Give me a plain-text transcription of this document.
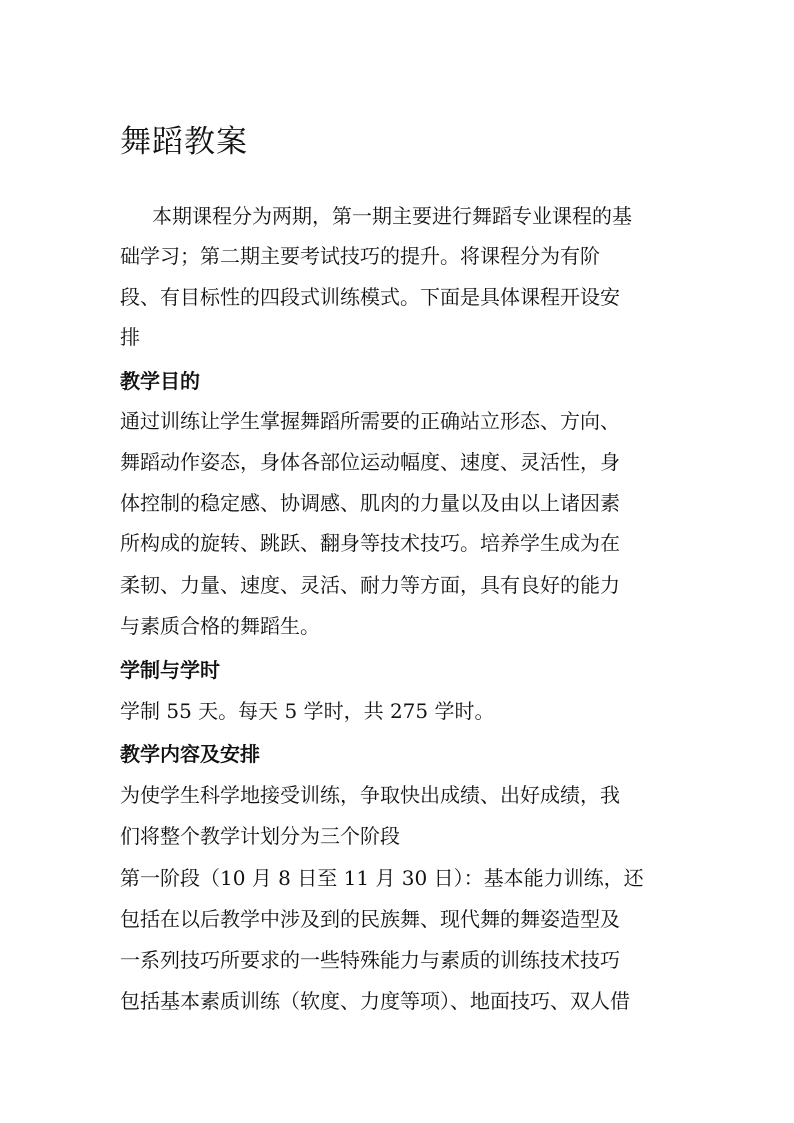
舞蹈教案
本期课程分为两期，第一期主要进行舞蹈专业课程的基
础学习；第二期主要考试技巧的提升。将课程分为有阶
段、有目标性的四段式训练模式。下面是具体课程开设安
排
教学目的
通过训练让学生掌握舞蹈所需要的正确站立形态、方向、
舞蹈动作姿态，身体各部位运动幅度、速度、灵活性，身
体控制的稳定感、协调感、肌肉的力量以及由以上诸因素
所构成的旋转、跳跃、翻身等技术技巧。培养学生成为在
柔韧、力量、速度、灵活、耐力等方面，具有良好的能力
与素质合格的舞蹈生。
学制与学时
学制 55 天。每天 5 学时，共 275 学时。
教学内容及安排
为使学生科学地接受训练，争取快出成绩、出好成绩，我
们将整个教学计划分为三个阶段
第一阶段（10 月 8 日至 11 月 30 日）：基本能力训练，还
包括在以后教学中涉及到的民族舞、现代舞的舞姿造型及
一系列技巧所要求的一些特殊能力与素质的训练技术技巧
包括基本素质训练（软度、力度等项）、地面技巧、双人借
